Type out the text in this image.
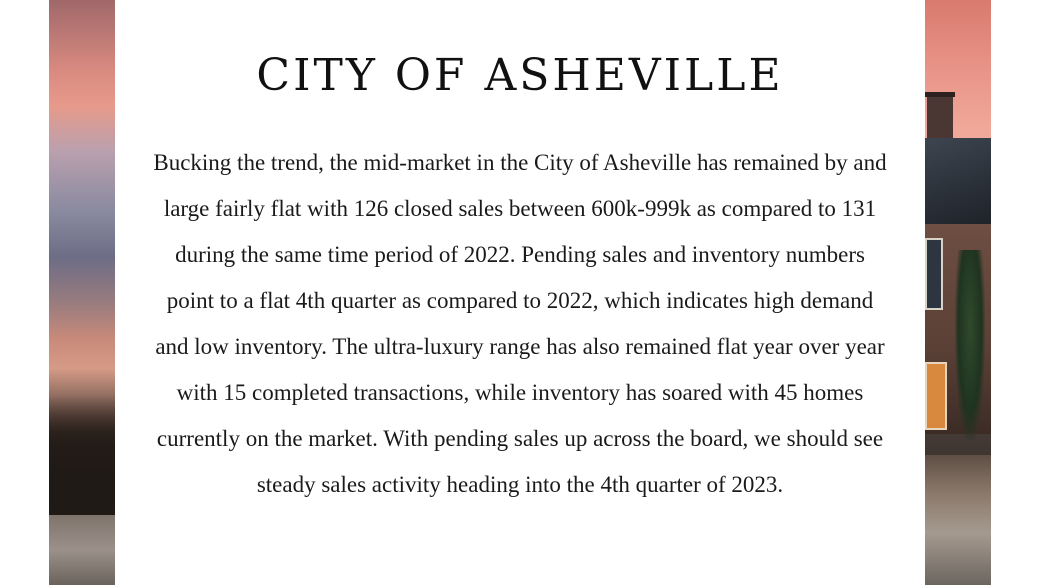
CITY OF ASHEVILLE

Bucking the trend, the mid-market in the City of Asheville has remained by and large fairly flat with 126 closed sales between 600k-999k as compared to 131 during the same time period of 2022. Pending sales and inventory numbers point to a flat 4th quarter as compared to 2022, which indicates high demand and low inventory. The ultra-luxury range has also remained flat year over year with 15 completed transactions, while inventory has soared with 45 homes currently on the market. With pending sales up across the board, we should see steady sales activity heading into the 4th quarter of 2023.
